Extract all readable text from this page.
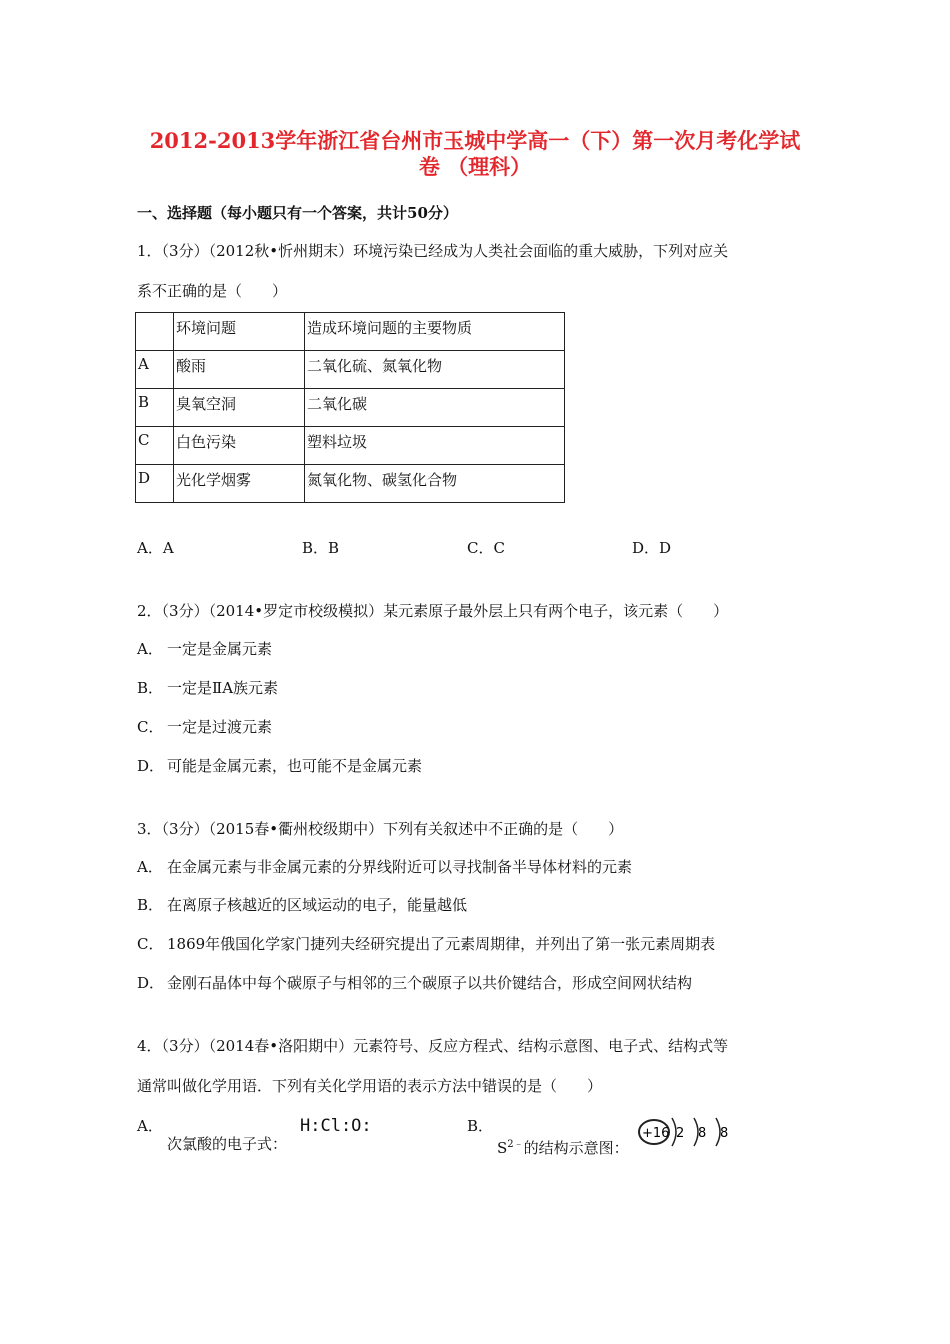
2012-2013学年浙江省台州市玉城中学高一（下）第一次月考化学试
卷 （理科）
一、选择题（每小题只有一个答案，共计50分）
1．（3分）（2012秋•忻州期末）环境污染已经成为人类社会面临的重大威胁，下列对应关
系不正确的是（　　）

	环境问题	造成环境问题的主要物质

A	酸雨	二氧化硫、氮氧化物

B	臭氧空洞	二氧化碳

C	白色污染	塑料垃圾

D	光化学烟雾	氮氧化物、碳氢化合物
A．A	B．B	C．C	D．D
2．（3分）（2014•罗定市校级模拟）某元素原子最外层上只有两个电子，该元素（　　）
A． 一定是金属元素
B． 一定是ⅡA族元素
C． 一定是过渡元素
D． 可能是金属元素，也可能不是金属元素
3．（3分）（2015春•衢州校级期中）下列有关叙述中不正确的是（　　）
A． 在金属元素与非金属元素的分界线附近可以寻找制备半导体材料的元素
B． 在离原子核越近的区域运动的电子，能量越低
C． 1869年俄国化学家门捷列夫经研究提出了元素周期律，并列出了第一张元素周期表
D． 金刚石晶体中每个碳原子与相邻的三个碳原子以共价键结合，形成空间网状结构
4．（3分）（2014春•洛阳期中）元素符号、反应方程式、结构示意图、电子式、结构式等
通常叫做化学用语．下列有关化学用语的表示方法中错误的是（　　）
A．
次氯酸的电子式：
H:Cl:O:	B．
$S^{2﹣}$的结构示意图：
+16 2 8 8
